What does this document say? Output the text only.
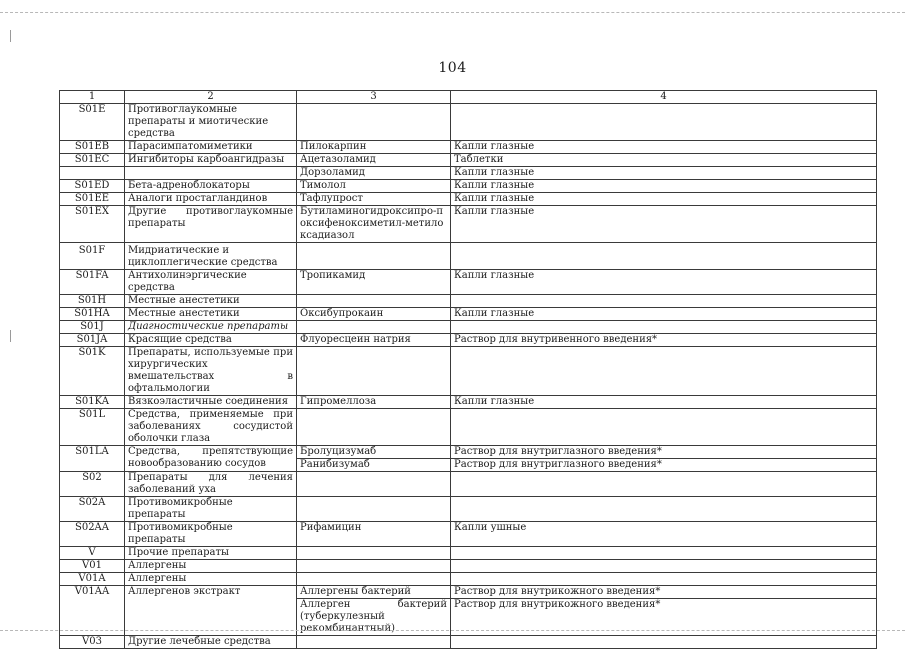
104
1	2	3	4
S01E	Противоглаукомные препараты и миотические средства		
S01EB	Парасимпатомиметики	Пилокарпин	Капли глазные
S01EC	Ингибиторы карбоангидразы	Ацетазоламид	Таблетки
		Дорзоламид	Капли глазные
S01ED	Бета-адреноблокаторы	Тимолол	Капли глазные
S01EE	Аналоги простагландинов	Тафлупрост	Капли глазные
S01EX	Другие противоглаукомные препараты	Бутиламиногидроксипро-поксифеноксиметил-метилоксадиазол	Капли глазные
S01F	Мидриатические и циклоплегические средства		
S01FA	Антихолинэргические средства	Тропикамид	Капли глазные
S01H	Местные анестетики		
S01HA	Местные анестетики	Оксибупрокаин	Капли глазные
S01J	Диагностические препараты		
S01JA	Красящие средства	Флуоресцеин натрия	Раствор для внутривенного введения*
S01K	Препараты, используемые при хирургических вмешательствах в офтальмологии		
S01KA	Вязкоэластичные соединения	Гипромеллоза	Капли глазные
S01L	Средства, применяемые при заболеваниях сосудистой оболочки глаза		
S01LA	Средства, препятствующие новообразованию сосудов	Бролуцизумаб	Раствор для внутриглазного введения*
		Ранибизумаб	Раствор для внутриглазного введения*
S02	Препараты для лечения заболеваний уха		
S02A	Противомикробные препараты		
S02AA	Противомикробные препараты	Рифамицин	Капли ушные
V	Прочие препараты		
V01	Аллергены		
V01A	Аллергены		
V01AA	Аллергенов экстракт	Аллергены бактерий	Раствор для внутрикожного введения*
		Аллерген бактерий (туберкулезный рекомбинантный)	Раствор для внутрикожного введения*
V03	Другие лечебные средства		
